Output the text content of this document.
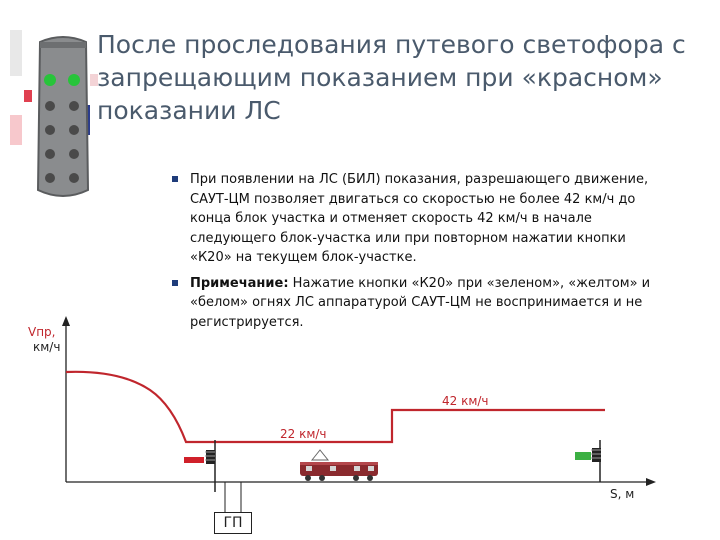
После проследования путевого светофора с
запрещающим показанием при «красном»
показании ЛС
При появлении на ЛС (БИЛ) показания, разрешающего движение,
САУТ-ЦМ позволяет двигаться со скоростью не более 42 км/ч до
конца блок участка и отменяет скорость 42 км/ч в начале
следующего блок-участка или при повторном нажатии кнопки
«К20» на текущем блок-участке.
Примечание: Нажатие кнопки «К20» при «зеленом», «желтом» и
«белом» огнях ЛС аппаратурой САУТ-ЦМ не воспринимается и не
регистрируется.
Vпр,
км/ч
S, м
22 км/ч
42 км/ч
ГП
